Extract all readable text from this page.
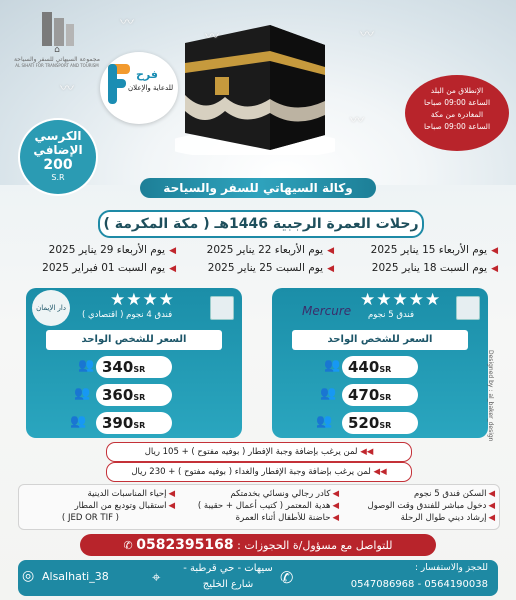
〰
〰	〰
〰
〰
⌂
مجموعة السيهاتي للسفر والسياحة
AL SIHATI FOR TRANSPORT AND TOURISM
فرح
للدعاية والإعلان
الكرسي الإضافي
200
S.R
الإنطلاق من البلد
الساعة 09:00 صباحا
المغادرة من مكة
الساعة 09:00 صباحا
وكالة السيهاتي للسفر والسياحة
رحلات العمرة الرجبية 1446هـ ( مكة المكرمة )
◀يوم الأربعاء 15 يناير 2025
◀يوم السبت 18 يناير 2025
◀يوم الأربعاء 22 يناير 2025
◀يوم السبت 25 يناير 2025
◀يوم الأربعاء 29 يناير 2025
◀يوم السبت 01 فبراير 2025
★★★★★
Mercure فندق 5 نجوم
السعر للشخص الواحد
440SR
👥
470SR
👥
520SR
👥
★★★★
دار الإيمان
فندق 4 نجوم ( اقتصادي )
السعر للشخص الواحد
340SR
👥
360SR
👥
390SR
👥	Designed by : al_baker_design
◀◀ لمن يرغب بإضافة وجبة الإفطار ( بوفيه مفتوح ) + 105 ريال
◀◀ لمن يرغب بإضافة وجبة الإفطار والغداء ( بوفيه مفتوح ) + 230 ريال
◀السكن فندق 5 نجوم
◀كادر رجالي ونسائي بخدمتكم
◀إحياء المناسبات الدينية
◀دخول مباشر للفندق وقت الوصول
◀هدية المعتمر ( كتيب أعمال + حقيبة )
◀استقبال وتوديع من المطار
◀إرشاد ديني طوال الرحلة
◀حاضنة للأطفال أثناء العمرة
( JED OR TIF )
للتواصل مع مسؤول/ة الحجوزات : 0582395168 ✆
للحجز والاستفسار :
0547086968 - 0564190038
✆
سيهات - حي قرطبة -
شارع الخليج
⌖
Alsalhati_38
◎
